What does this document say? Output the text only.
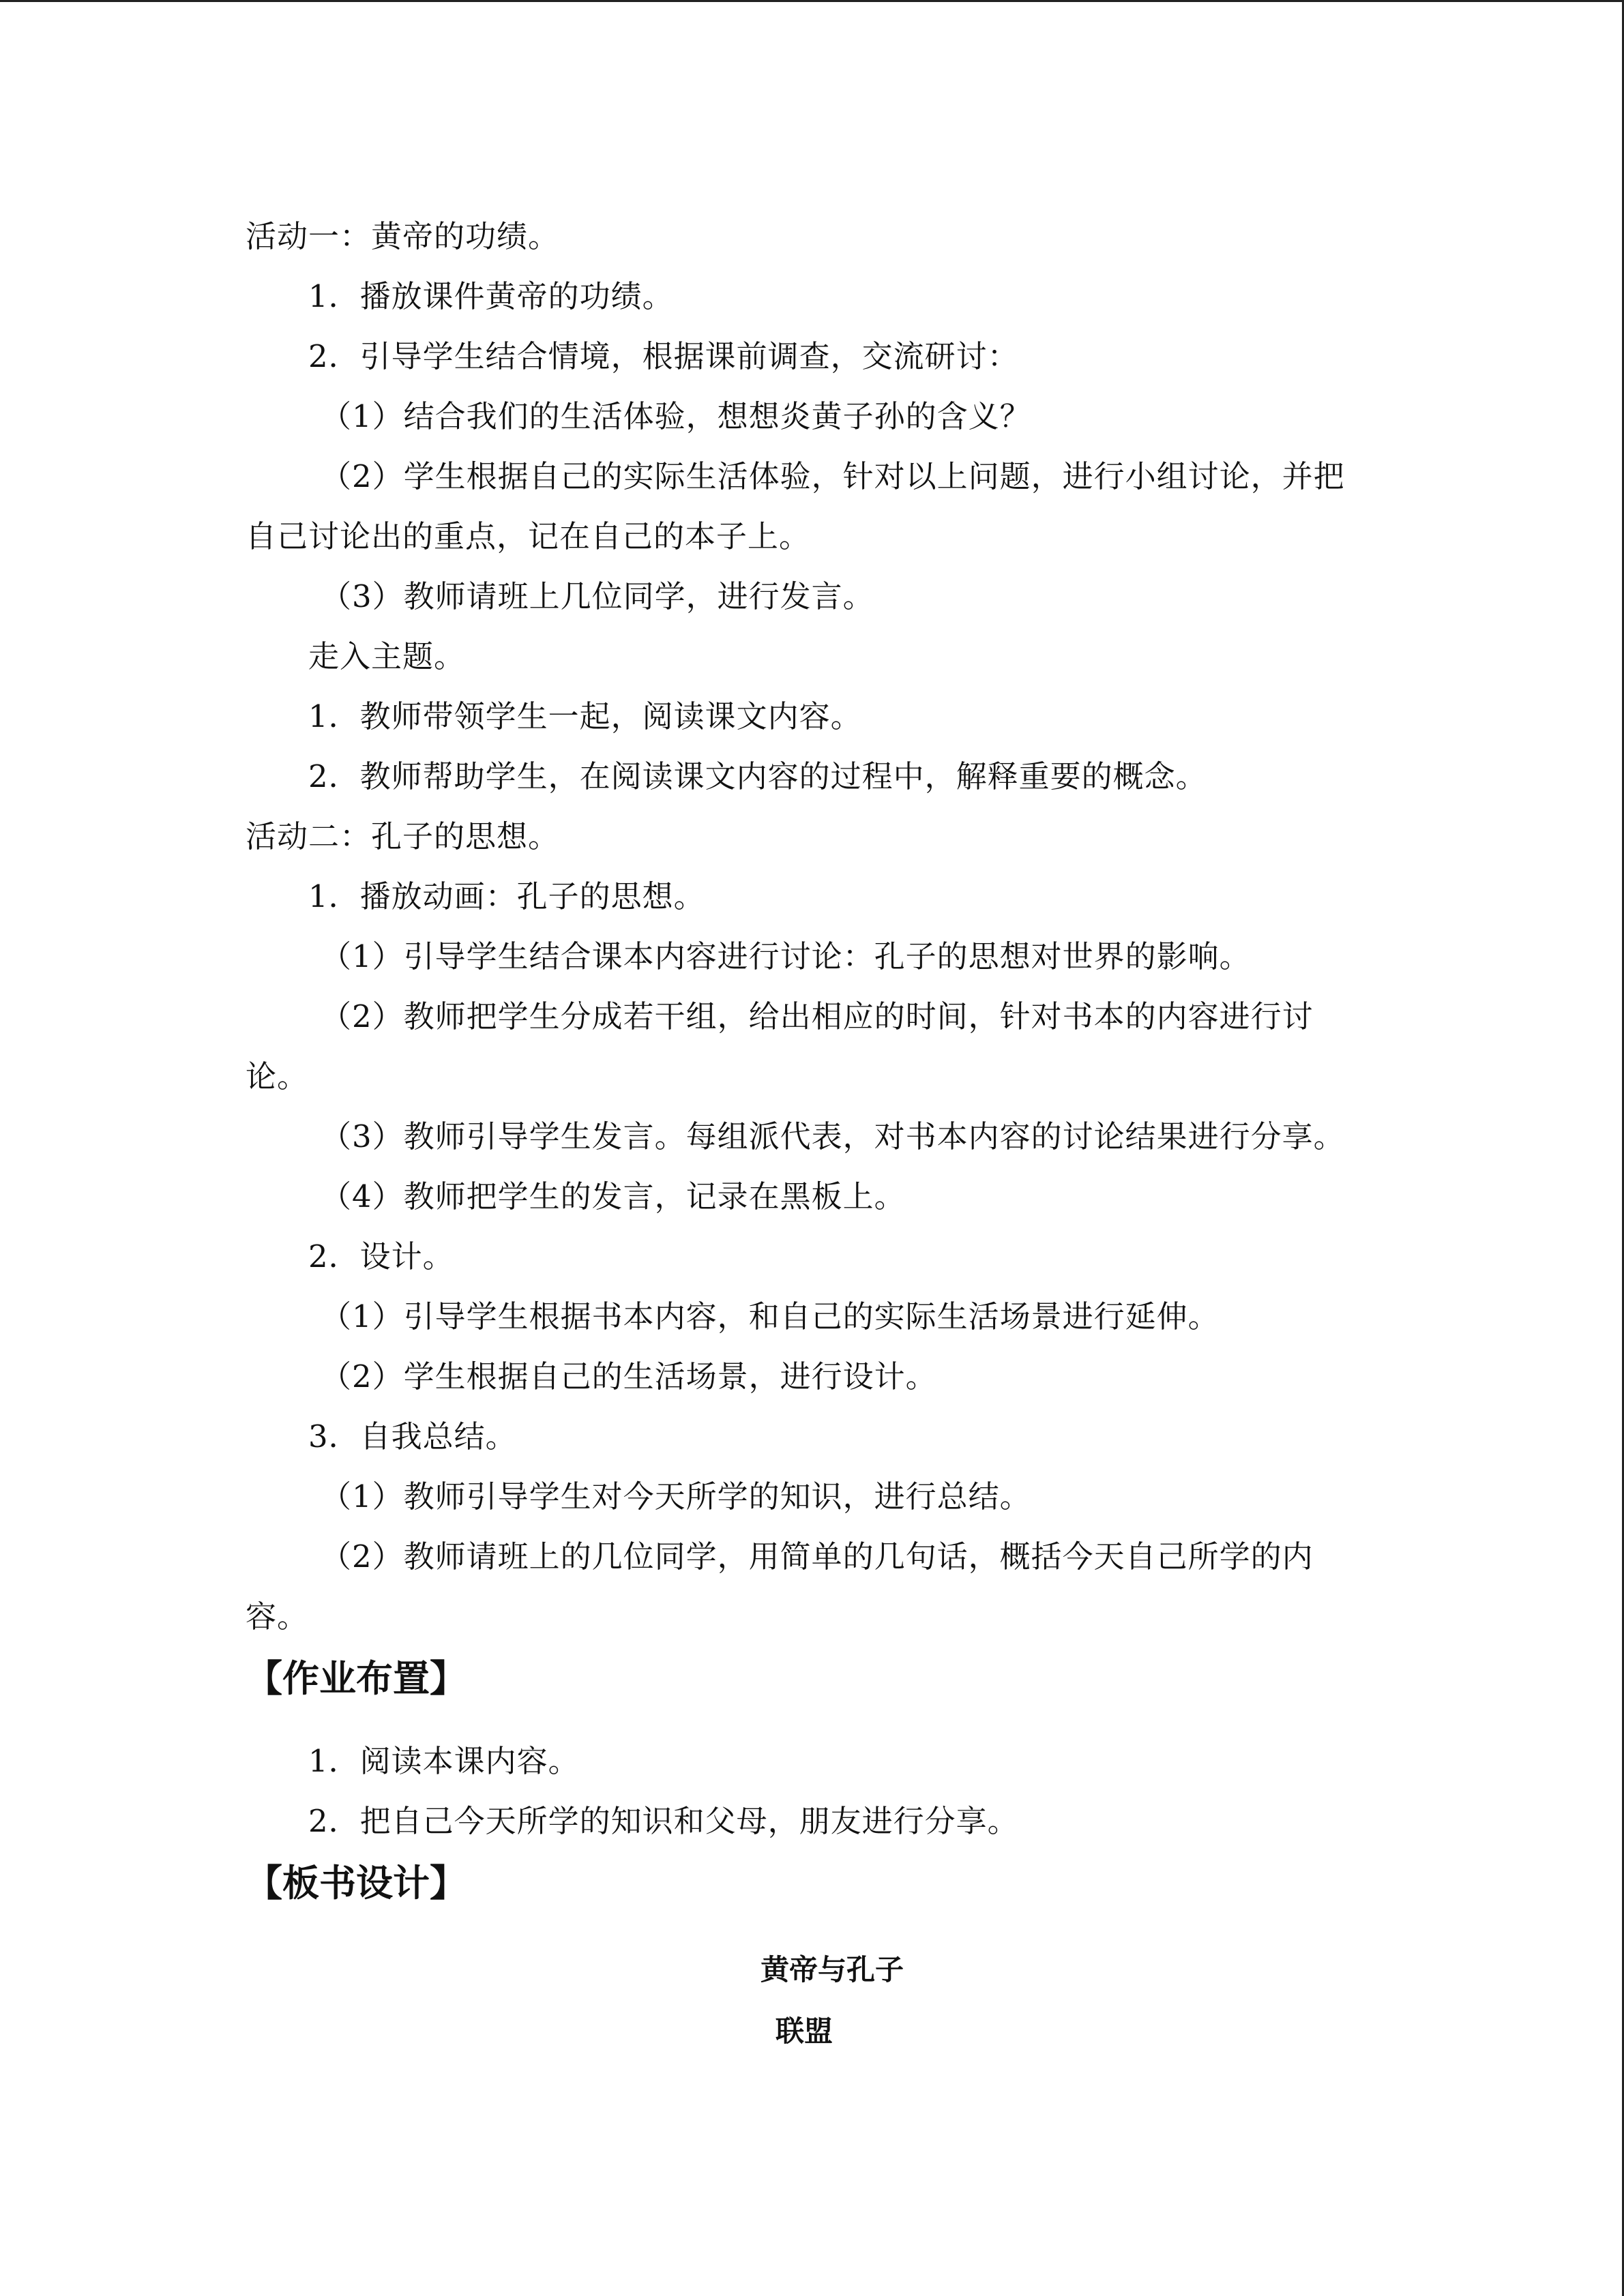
活动一：黄帝的功绩。
1．播放课件黄帝的功绩。
2．引导学生结合情境，根据课前调查，交流研讨：
（1）结合我们的生活体验，想想炎黄子孙的含义？
（2）学生根据自己的实际生活体验，针对以上问题，进行小组讨论，并把
自己讨论出的重点，记在自己的本子上。
（3）教师请班上几位同学，进行发言。
走入主题。
1．教师带领学生一起，阅读课文内容。
2．教师帮助学生，在阅读课文内容的过程中，解释重要的概念。
活动二：孔子的思想。
1．播放动画：孔子的思想。
（1）引导学生结合课本内容进行讨论：孔子的思想对世界的影响。
（2）教师把学生分成若干组，给出相应的时间，针对书本的内容进行讨
论。
（3）教师引导学生发言。每组派代表，对书本内容的讨论结果进行分享。
（4）教师把学生的发言，记录在黑板上。
2．设计。
（1）引导学生根据书本内容，和自己的实际生活场景进行延伸。
（2）学生根据自己的生活场景，进行设计。
3．自我总结。
（1）教师引导学生对今天所学的知识，进行总结。
（2）教师请班上的几位同学，用简单的几句话，概括今天自己所学的内
容。
【作业布置】
1．阅读本课内容。
2．把自己今天所学的知识和父母，朋友进行分享。
【板书设计】
黄帝与孔子
联盟
